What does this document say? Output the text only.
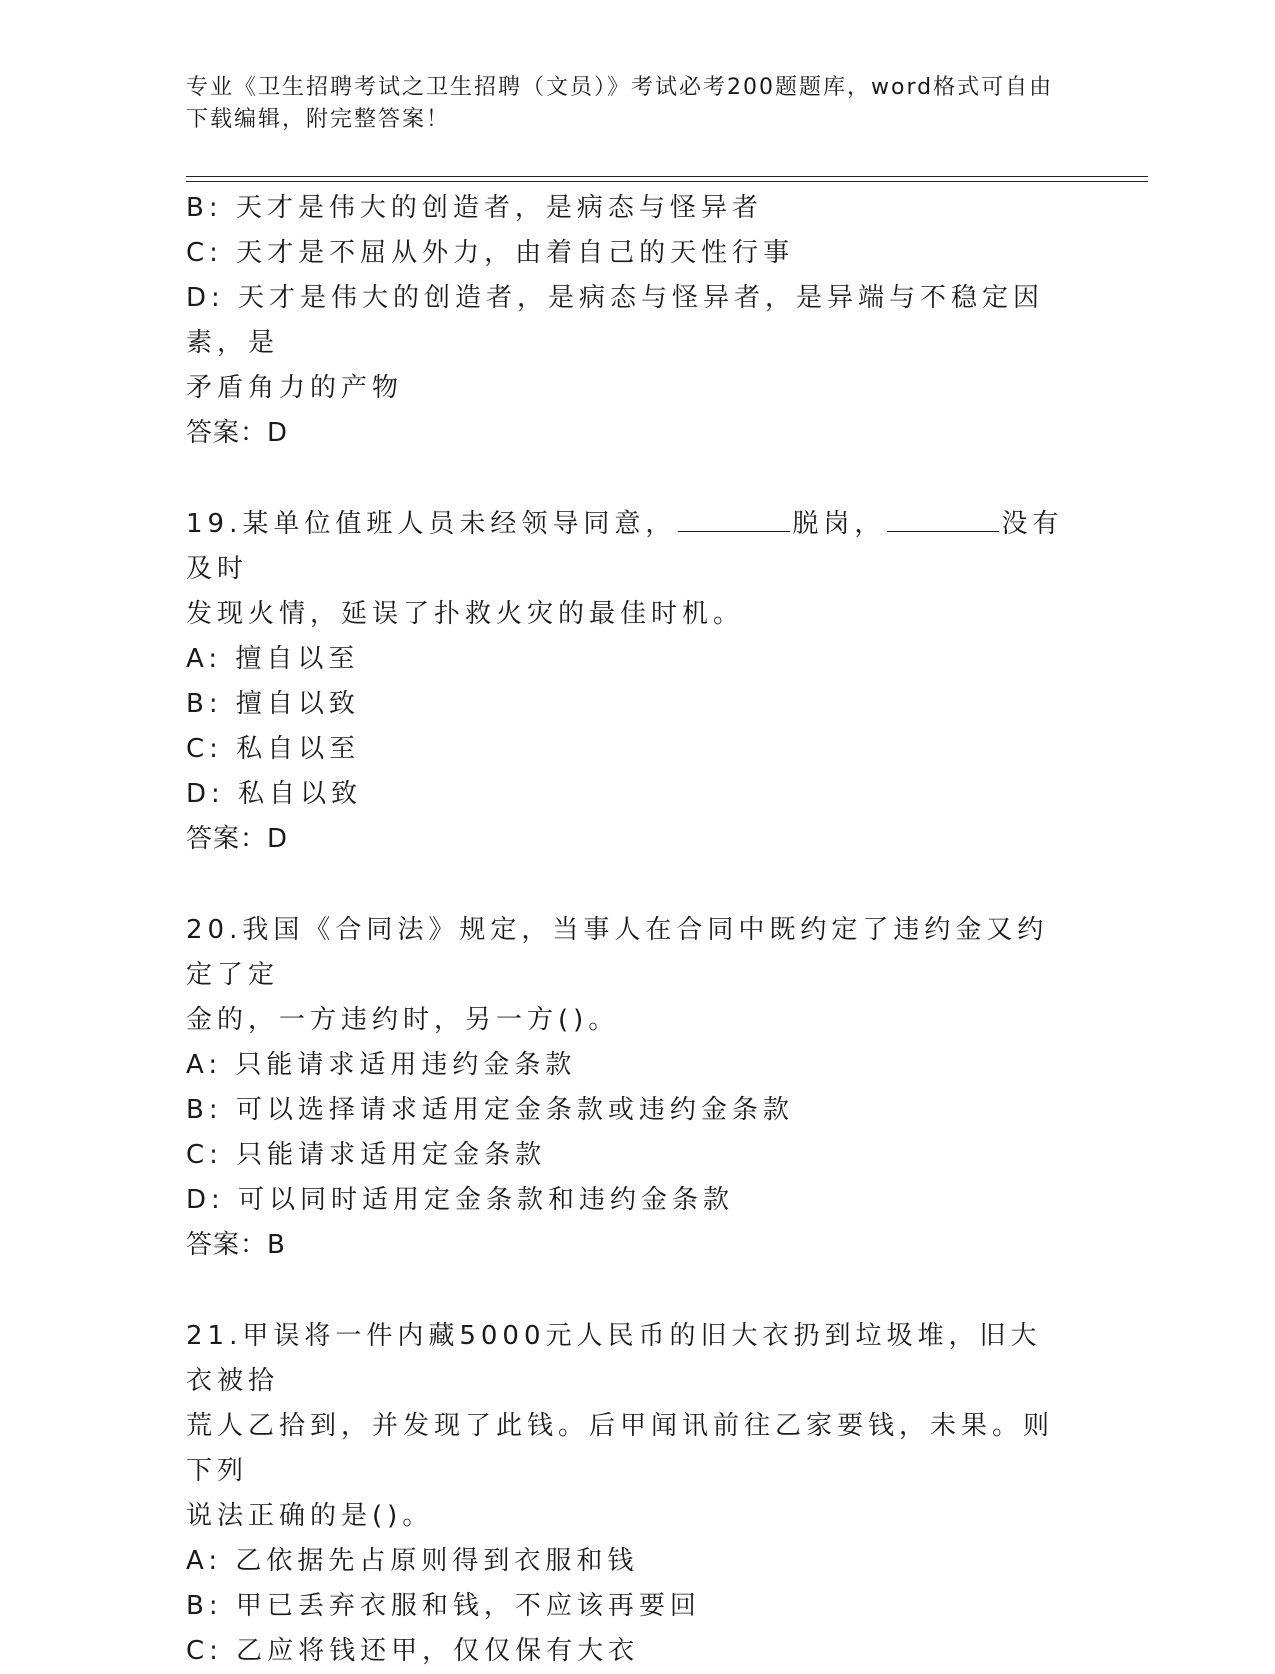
专业《卫生招聘考试之卫生招聘（文员）》考试必考200题题库，word格式可自由下载编辑，附完整答案！

B: 天才是伟大的创造者，是病态与怪异者

C: 天才是不屈从外力，由着自己的天性行事

D: 天才是伟大的创造者，是病态与怪异者，是异端与不稳定因素，是

矛盾角力的产物

答案：D

19.某单位值班人员未经领导同意，	脱岗，	没有及时

发现火情，延误了扑救火灾的最佳时机。

A: 擅自以至

B: 擅自以致

C: 私自以至

D: 私自以致

答案：D

20.我国《合同法》规定，当事人在合同中既约定了违约金又约定了定

金的，一方违约时，另一方()。

A: 只能请求适用违约金条款

B: 可以选择请求适用定金条款或违约金条款

C: 只能请求适用定金条款

D: 可以同时适用定金条款和违约金条款

答案：B

21.甲误将一件内藏5000元人民币的旧大衣扔到垃圾堆，旧大衣被拾

荒人乙拾到，并发现了此钱。后甲闻讯前往乙家要钱，未果。则下列

说法正确的是()。

A: 乙依据先占原则得到衣服和钱

B: 甲已丢弃衣服和钱，不应该再要回

C: 乙应将钱还甲，仅仅保有大衣
